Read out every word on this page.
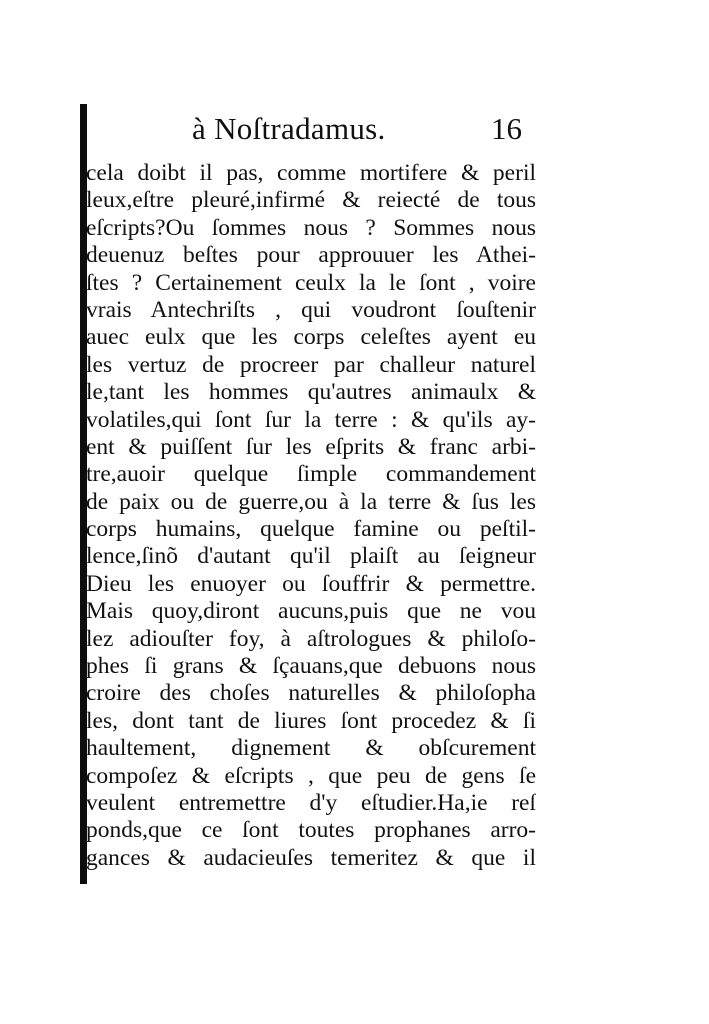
à Noſtradamus.	16
cela doibt il pas, comme mortifere & peril
leux,eſtre pleuré,infirmé & reiecté de tous
eſcripts?Ou ſommes nous ? Sommes nous
deuenuz beſtes pour approuuer les Athei-
ſtes ? Certainement ceulx la le ſont , voire
vrais Antechriſts , qui voudront ſouſtenir
auec eulx que les corps celeſtes ayent eu
les vertuz de procreer par challeur naturel
le,tant les hommes qu'autres animaulx &
volatiles,qui ſont ſur la terre : & qu'ils ay-
ent & puiſſent ſur les eſprits & franc arbi-
tre,auoir quelque ſimple commandement
de paix ou de guerre,ou à la terre & ſus les
corps humains, quelque famine ou peſtil-
lence,ſinõ d'autant qu'il plaiſt au ſeigneur
Dieu les enuoyer ou ſouffrir & permettre.
Mais quoy,diront aucuns,puis que ne vou
lez adiouſter foy, à aſtrologues & philoſo-
phes ſi grans & ſçauans,que debuons nous
croire des choſes naturelles & philoſopha
les, dont tant de liures ſont procedez & ſi
haultement, dignement & obſcurement
compoſez & eſcripts , que peu de gens ſe
veulent entremettre d'y eſtudier.Ha,ie reſ
ponds,que ce ſont toutes prophanes arro-
gances & audacieuſes temeritez & que il
